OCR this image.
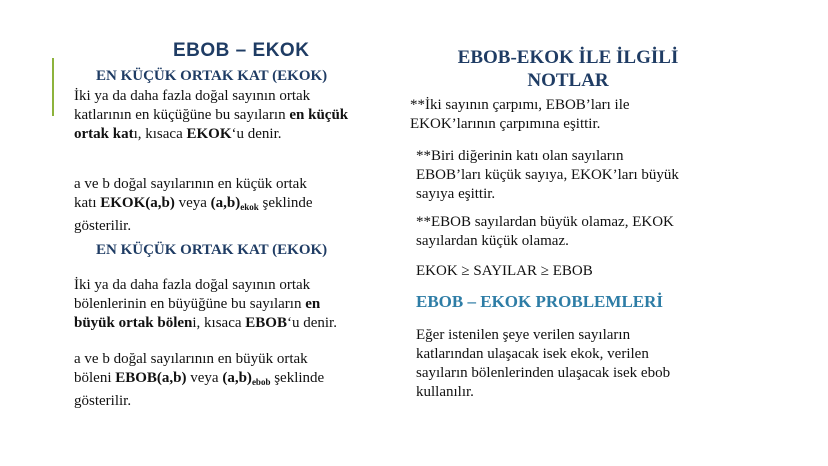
EBOB – EKOK
EN KÜÇÜK ORTAK KAT (EKOK)
İki ya da daha fazla doğal sayının ortak
katlarının en küçüğüne bu sayıların en küçük
ortak katı, kısaca EKOK‘u denir.
a ve b doğal sayılarının en küçük ortak
katı EKOK(a,b) veya $(a,b)_{ekok}$ şeklinde
gösterilir.
EN KÜÇÜK ORTAK KAT (EKOK)
İki ya da daha fazla doğal sayının ortak
bölenlerinin en büyüğüne bu sayıların en
büyük ortak böleni, kısaca EBOB‘u denir.
a ve b doğal sayılarının en büyük ortak
böleni EBOB(a,b) veya $(a,b)_{ebob}$ şeklinde
gösterilir.
EBOB-EKOK İLE İLGİLİ
NOTLAR
**İki sayının çarpımı, EBOB’ları ile
EKOK’larının çarpımına eşittir.
**Biri diğerinin katı olan sayıların
EBOB’ları küçük sayıya, EKOK’ları büyük
sayıya eşittir.
**EBOB sayılardan büyük olamaz, EKOK
sayılardan küçük olamaz.
EKOK ≥ SAYILAR ≥ EBOB
EBOB – EKOK PROBLEMLERİ
Eğer istenilen şeye verilen sayıların
katlarından ulaşacak isek ekok, verilen
sayıların bölenlerinden ulaşacak isek ebob
kullanılır.
